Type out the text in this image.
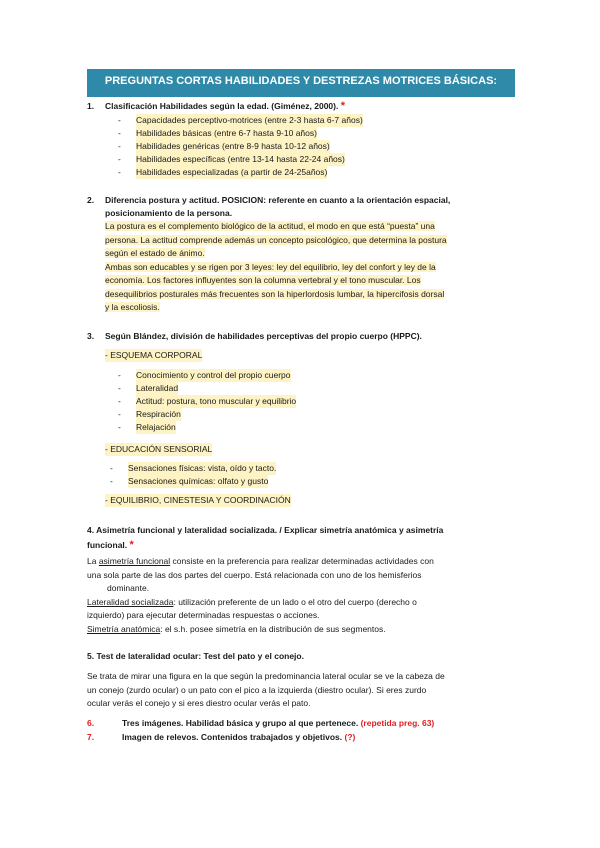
PREGUNTAS CORTAS HABILIDADES Y DESTREZAS MOTRICES BÁSICAS:
1. Clasificación Habilidades según la edad. (Giménez, 2000). *
- Capacidades perceptivo-motrices (entre 2-3 hasta 6-7 años)
- Habilidades básicas (entre 6-7 hasta 9-10 años)
- Habilidades genéricas (entre 8-9 hasta 10-12 años)
- Habilidades específicas (entre 13-14 hasta 22-24 años)
- Habilidades especializadas (a partir de 24-25años)
2. Diferencia postura y actitud. POSICION: referente en cuanto a la orientación espacial,
posicionamiento de la persona.
La postura es el complemento biológico de la actitud, el modo en que está “puesta” una
persona. La actitud comprende además un concepto psicológico, que determina la postura
según el estado de ánimo.
Ambas son educables y se rigen por 3 leyes: ley del equilibrio, ley del confort y ley de la
economía. Los factores influyentes son la columna vertebral y el tono muscular. Los
desequilibrios posturales más frecuentes son la hiperlordosis lumbar, la hipercifosis dorsal
y la escoliosis.
3. Según Blández, división de habilidades perceptivas del propio cuerpo (HPPC).
- ESQUEMA CORPORAL
- Conocimiento y control del propio cuerpo
- Lateralidad
- Actitud: postura, tono muscular y equilibrio
- Respiración
- Relajación
- EDUCACIÓN SENSORIAL
- Sensaciones físicas: vista, oído y tacto.
- Sensaciones químicas: olfato y gusto
- EQUILIBRIO, CINESTESIA Y COORDINACIÓN
4. Asimetría funcional y lateralidad socializada. / Explicar simetría anatómica y asimetría
funcional. *
La asimetría funcional consiste en la preferencia para realizar determinadas actividades con
una sola parte de las dos partes del cuerpo. Está relacionada con uno de los hemisferios
dominante.
Lateralidad socializada: utilización preferente de un lado o el otro del cuerpo (derecho o
izquierdo) para ejecutar determinadas respuestas o acciones.
Simetría anatómica: el s.h. posee simetría en la distribución de sus segmentos.
5. Test de lateralidad ocular: Test del pato y el conejo.
Se trata de mirar una figura en la que según la predominancia lateral ocular se ve la cabeza de
un conejo (zurdo ocular) o un pato con el pico a la izquierda (diestro ocular). Si eres zurdo
ocular verás el conejo y si eres diestro ocular verás el pato.
6.	Tres imágenes. Habilidad básica y grupo al que pertenece. (repetida preg. 63)
7.	Imagen de relevos. Contenidos trabajados y objetivos. (?)
